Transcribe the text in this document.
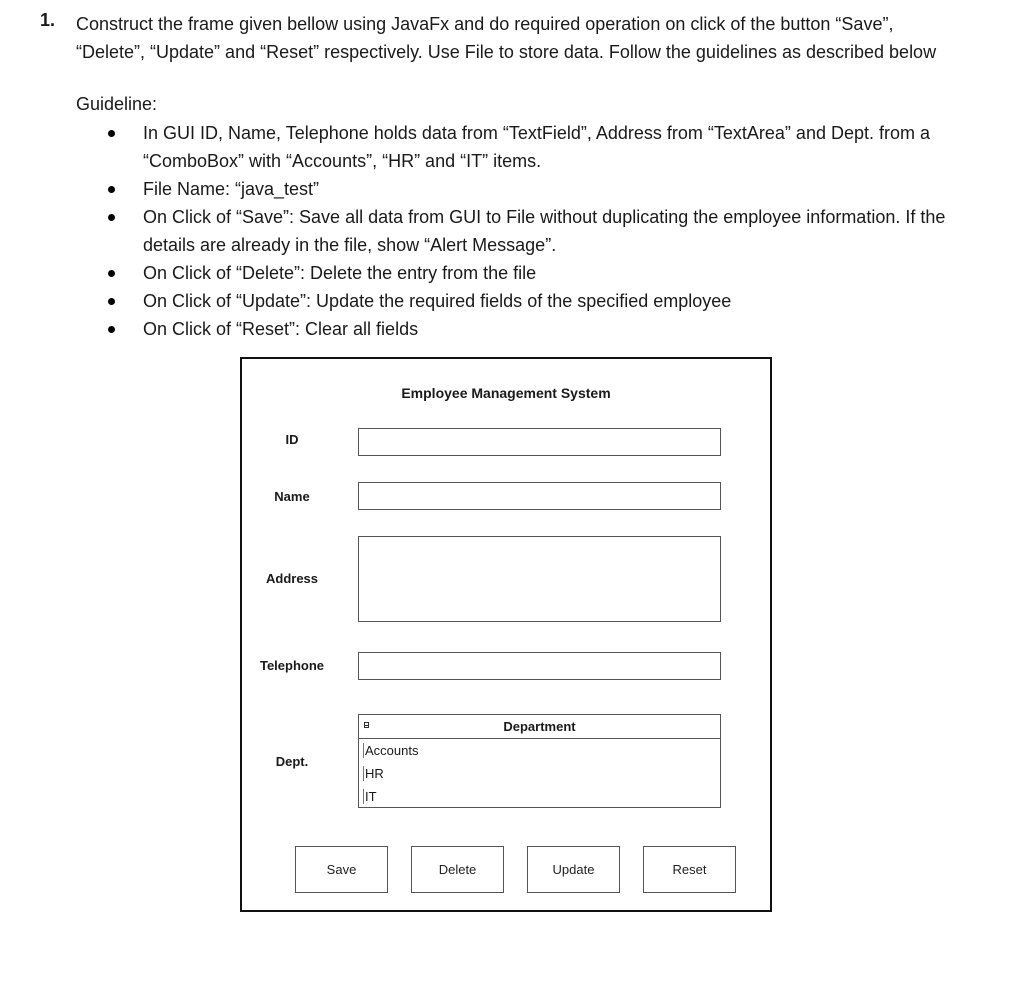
1. Construct the frame given bellow using JavaFx and do required operation on click of the button “Save”,
“Delete”, “Update” and “Reset” respectively. Use File to store data. Follow the guidelines as described below
Guideline:
In GUI ID, Name, Telephone holds data from “TextField”, Address from “TextArea” and Dept. from a
“ComboBox” with “Accounts”, “HR” and “IT” items.
File Name: “java_test”
On Click of “Save”: Save all data from GUI to File without duplicating the employee information. If the
details are already in the file, show “Alert Message”.
On Click of “Delete”: Delete the entry from the file
On Click of “Update”: Update the required fields of the specified employee
On Click of “Reset”: Clear all fields
Employee Management System
ID
Name
Address
Telephone
Dept.
Department
Accounts
HR
IT
Save	Delete	Update	Reset
